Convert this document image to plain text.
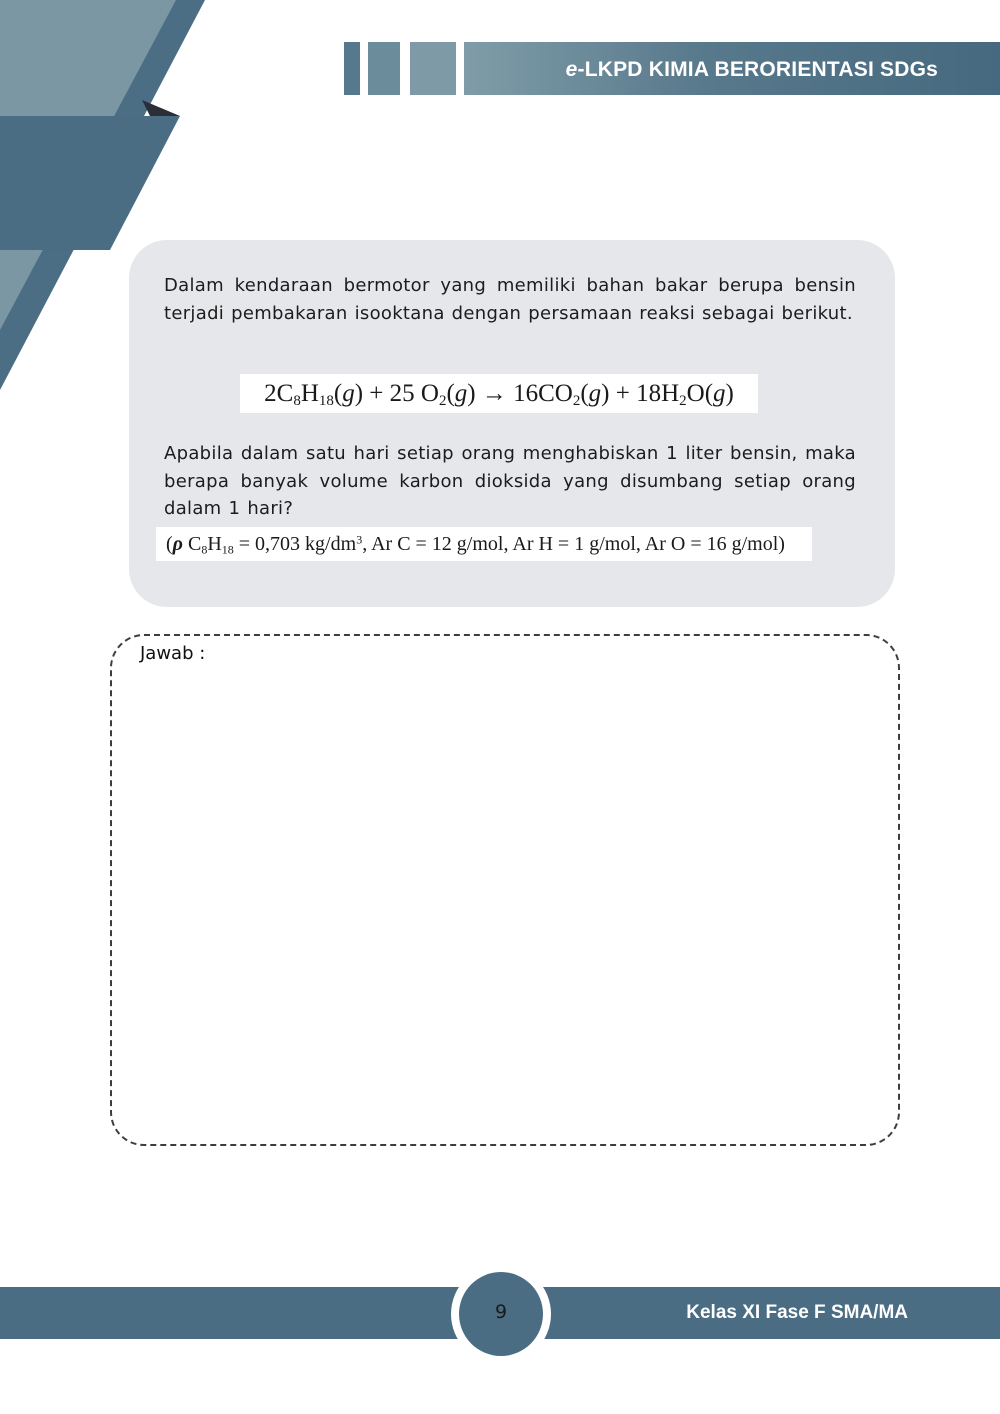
e-LKPD KIMIA BERORIENTASI SDGs

Dalam kendaraan bermotor yang memiliki bahan bakar berupa bensin terjadi pembakaran isooktana dengan persamaan reaksi sebagai berikut.

$2C_8H_{18}(g) + 25$ $O_2(g) \to 16CO_2(g) + 18H_2O(g)$

Apabila dalam satu hari setiap orang menghabiskan 1 liter bensin, maka berapa banyak volume karbon dioksida yang disumbang setiap orang dalam 1 hari?

(ρ $C_8H_{18} = 0,703$ $kg/dm^3$, Ar C = 12 g/mol, Ar H = 1 g/mol, Ar O = 16 g/mol)
Jawab :
9	Kelas XI Fase F SMA/MA
